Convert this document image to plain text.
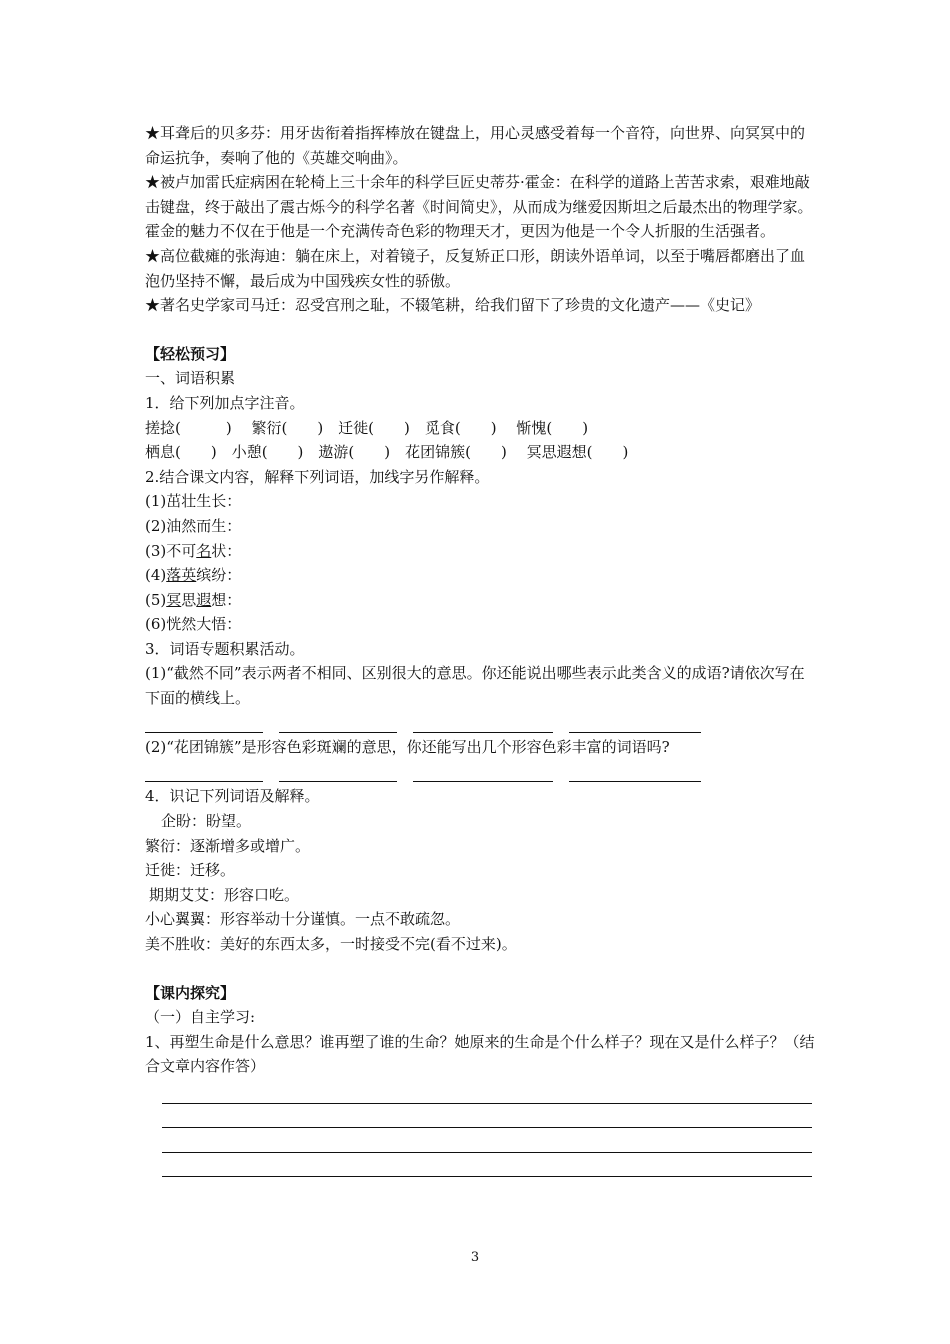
★耳聋后的贝多芬：用牙齿衔着指挥棒放在键盘上，用心灵感受着每一个音符，向世界、向冥冥中的命运抗争，奏响了他的《英雄交响曲》。
★被卢加雷氏症病困在轮椅上三十余年的科学巨匠史蒂芬·霍金：在科学的道路上苦苦求索，艰难地敲击键盘，终于敲出了震古烁今的科学名著《时间简史》，从而成为继爱因斯坦之后最杰出的物理学家。霍金的魅力不仅在于他是一个充满传奇色彩的物理天才，更因为他是一个令人折服的生活强者。
★高位截瘫的张海迪：躺在床上，对着镜子，反复矫正口形，朗读外语单词，以至于嘴唇都磨出了血泡仍坚持不懈，最后成为中国残疾女性的骄傲。
★著名史学家司马迁：忍受宫刑之耻，不辍笔耕，给我们留下了珍贵的文化遗产——《史记》
【轻松预习】
一、词语积累
1．给下列加点字注音。
搓捻(　　　)　 繁衍(　　)　迁徙(　　)　觅食(　　)　 惭愧(　　)
栖息(　　)　小憩(　　)　遨游(　　)　花团锦簇(　　)　 冥思遐想(　　)
2.结合课文内容，解释下列词语，加线字另作解释。
(1)茁壮生长：
(2)油然而生：
(3)不可名状：
(4)落英缤纷：
(5)冥思遐想：
(6)恍然大悟：
3．词语专题积累活动。
(1)“截然不同”表示两者不相同、区别很大的意思。你还能说出哪些表示此类含义的成语?请依次写在下面的横线上。
(2)“花团锦簇”是形容色彩斑斓的意思，你还能写出几个形容色彩丰富的词语吗?
4．识记下列词语及解释。
企盼：盼望。
繁衍：逐渐增多或增广。
迁徙：迁移。
期期艾艾：形容口吃。
小心翼翼：形容举动十分谨慎。一点不敢疏忽。
美不胜收：美好的东西太多，一时接受不完(看不过来)。
【课内探究】
（一）自主学习:
1、再塑生命是什么意思？谁再塑了谁的生命？她原来的生命是个什么样子？现在又是什么样子？（结合文章内容作答）
3
